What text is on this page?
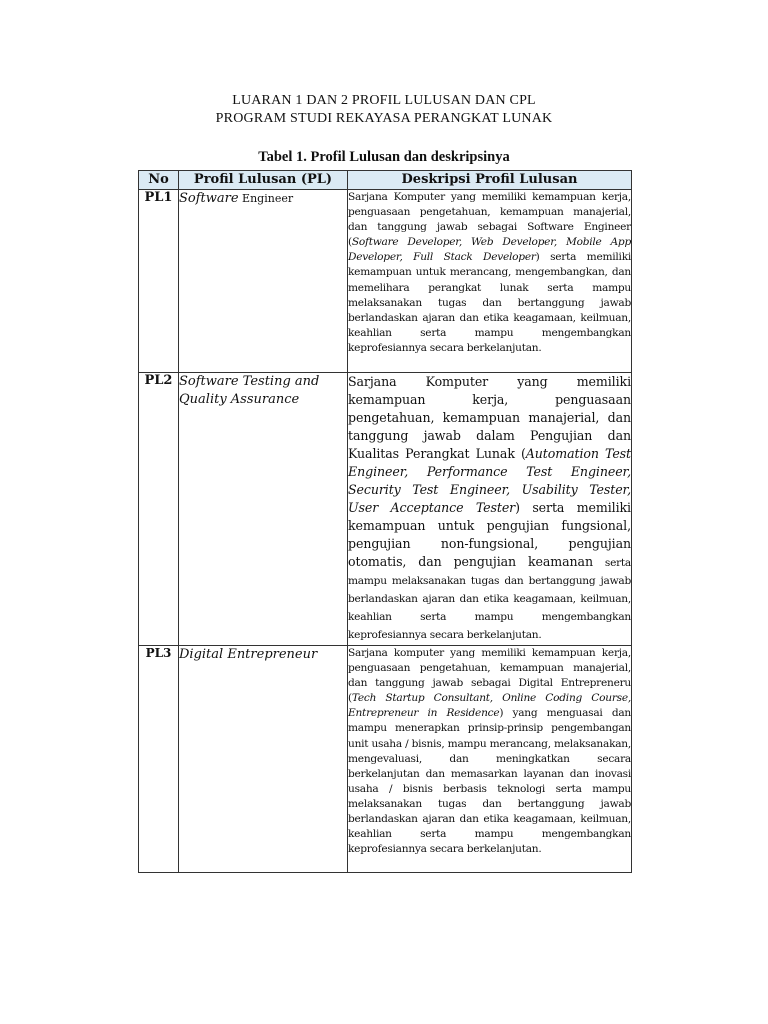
LUARAN 1 DAN 2 PROFIL LULUSAN DAN CPL
PROGRAM STUDI REKAYASA PERANGKAT LUNAK
Tabel 1. Profil Lulusan dan deskripsinya
No	Profil Lulusan (PL)	Deskripsi Profil Lulusan
PL1	Software Engineer	Sarjana Komputer yang memiliki kemampuan kerja, penguasaan pengetahuan, kemampuan manajerial, dan tanggung jawab sebagai Software Engineer (Software Developer, Web Developer, Mobile App Developer, Full Stack Developer) serta memiliki kemampuan untuk merancang, mengembangkan, dan memelihara perangkat lunak serta mampu melaksanakan tugas dan bertanggung jawab berlandaskan ajaran dan etika keagamaan, keilmuan, keahlian serta mampu mengembangkan keprofesiannya secara berkelanjutan.
PL2	Software Testing and Quality Assurance	Sarjana Komputer yang memiliki kemampuan kerja, penguasaan pengetahuan, kemampuan manajerial, dan tanggung jawab dalam Pengujian dan Kualitas Perangkat Lunak (Automation Test Engineer, Performance Test Engineer, Security Test Engineer, Usability Tester, User Acceptance Tester) serta memiliki kemampuan untuk pengujian fungsional, pengujian non-fungsional, pengujian otomatis, dan pengujian keamanan serta mampu melaksanakan tugas dan bertanggung jawab berlandaskan ajaran dan etika keagamaan, keilmuan, keahlian serta mampu mengembangkan keprofesiannya secara berkelanjutan.
PL3	Digital Entrepreneur	Sarjana komputer yang memiliki kemampuan kerja, penguasaan pengetahuan, kemampuan manajerial, dan tanggung jawab sebagai Digital Entrepreneru (Tech Startup Consultant, Online Coding Course, Entrepreneur in Residence) yang menguasai dan mampu menerapkan prinsip-prinsip pengembangan unit usaha / bisnis, mampu merancang, melaksanakan, mengevaluasi, dan meningkatkan secara berkelanjutan dan memasarkan layanan dan inovasi usaha / bisnis berbasis teknologi serta mampu melaksanakan tugas dan bertanggung jawab berlandaskan ajaran dan etika keagamaan, keilmuan, keahlian serta mampu mengembangkan keprofesiannya secara berkelanjutan.
